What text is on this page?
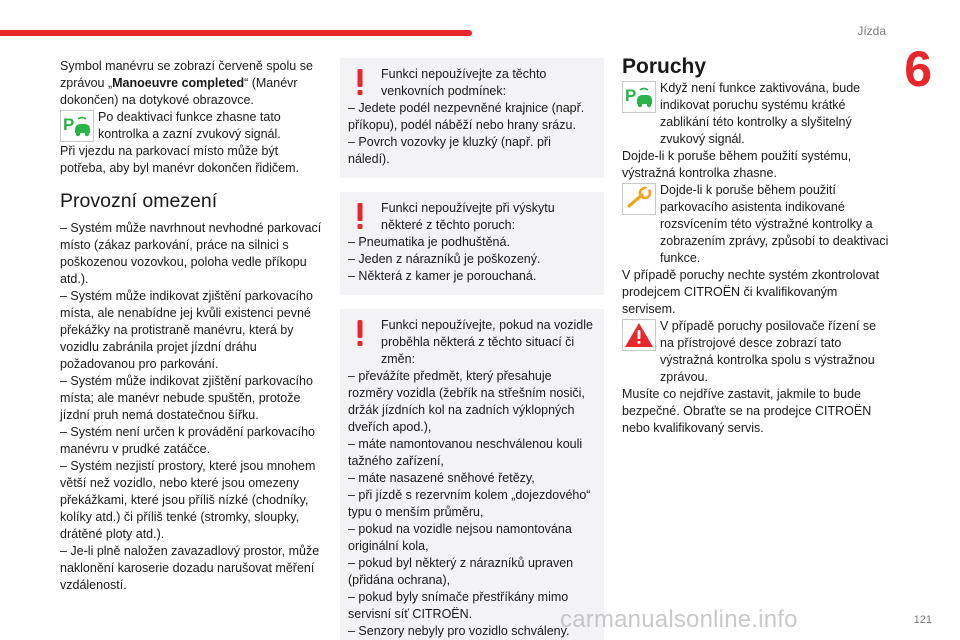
Jízda
6

Symbol manévru se zobrazí červeně spolu se zprávou „Manoeuvre completed“ (Manévr dokončen) na dotykové obrazovce.

P Po deaktivaci funkce zhasne tato kontrolka a zazní zvukový signál.

Při vjezdu na parkovací místo může být potřeba, aby byl manévr dokončen řidičem.

Provozní omezení

– Systém může navrhnout nevhodné parkovací místo (zákaz parkování, práce na silnici s poškozenou vozovkou, poloha vedle příkopu atd.).

– Systém může indikovat zjištění parkovacího místa, ale nenabídne jej kvůli existenci pevné překážky na protistraně manévru, která by vozidlu zabránila projet jízdní dráhu požadovanou pro parkování.

– Systém může indikovat zjištění parkovacího místa; ale manévr nebude spuštěn, protože jízdní pruh nemá dostatečnou šířku.

– Systém není určen k provádění parkovacího manévru v prudké zatáčce.

– Systém nezjistí prostory, které jsou mnohem větší než vozidlo, nebo které jsou omezeny překážkami, které jsou příliš nízké (chodníky, kolíky atd.) či příliš tenké (stromky, sloupky, drátěné ploty atd.).

– Je-li plně naložen zavazadlový prostor, může naklonění karoserie dozadu narušovat měření vzdáleností.

Funkci nepoužívejte za těchto venkovních podmínek:

– Jedete podél nezpevněné krajnice (např. příkopu), podél náběží nebo hrany srázu.

– Povrch vozovky je kluzký (např. při náledí).

Funkci nepoužívejte při výskytu některé z těchto poruch:

– Pneumatika je podhuštěná.

– Jeden z nárazníků je poškozený.

– Některá z kamer je porouchaná.

Funkci nepoužívejte, pokud na vozidle proběhla některá z těchto situací či změn:

– převážíte předmět, který přesahuje rozměry vozidla (žebřík na střešním nosiči, držák jízdních kol na zadních výklopných dveřích apod.),

– máte namontovanou neschválenou kouli tažného zařízení,

– máte nasazené sněhové řetězy,

– při jízdě s rezervním kolem „dojezdového“ typu o menším průměru,

– pokud na vozidle nejsou namontována originální kola,

– pokud byl některý z nárazníků upraven (přidána ochrana),

– pokud byly snímače přestříkány mimo servisní síť CITROËN.

– Senzory nebyly pro vozidlo schváleny.

Poruchy
P Když není funkce zaktivována, bude indikovat poruchu systému krátké zablikání této kontrolky a slyšitelný zvukový signál.

Dojde-li k poruše během použití systému, výstražná kontrolka zhasne.

Dojde-li k poruše během použití parkovacího asistenta indikované rozsvícením této výstražné kontrolky a zobrazením zprávy, způsobí to deaktivaci funkce.

V případě poruchy nechte systém zkontrolovat prodejcem CITROËN či kvalifikovaným servisem.

V případě poruchy posilovače řízení se na přístrojové desce zobrazí tato výstražná kontrolka spolu s výstražnou zprávou.

Musíte co nejdříve zastavit, jakmile to bude bezpečné. Obraťte se na prodejce CITROËN nebo kvalifikovaný servis.

carmanualsonline.info	121
